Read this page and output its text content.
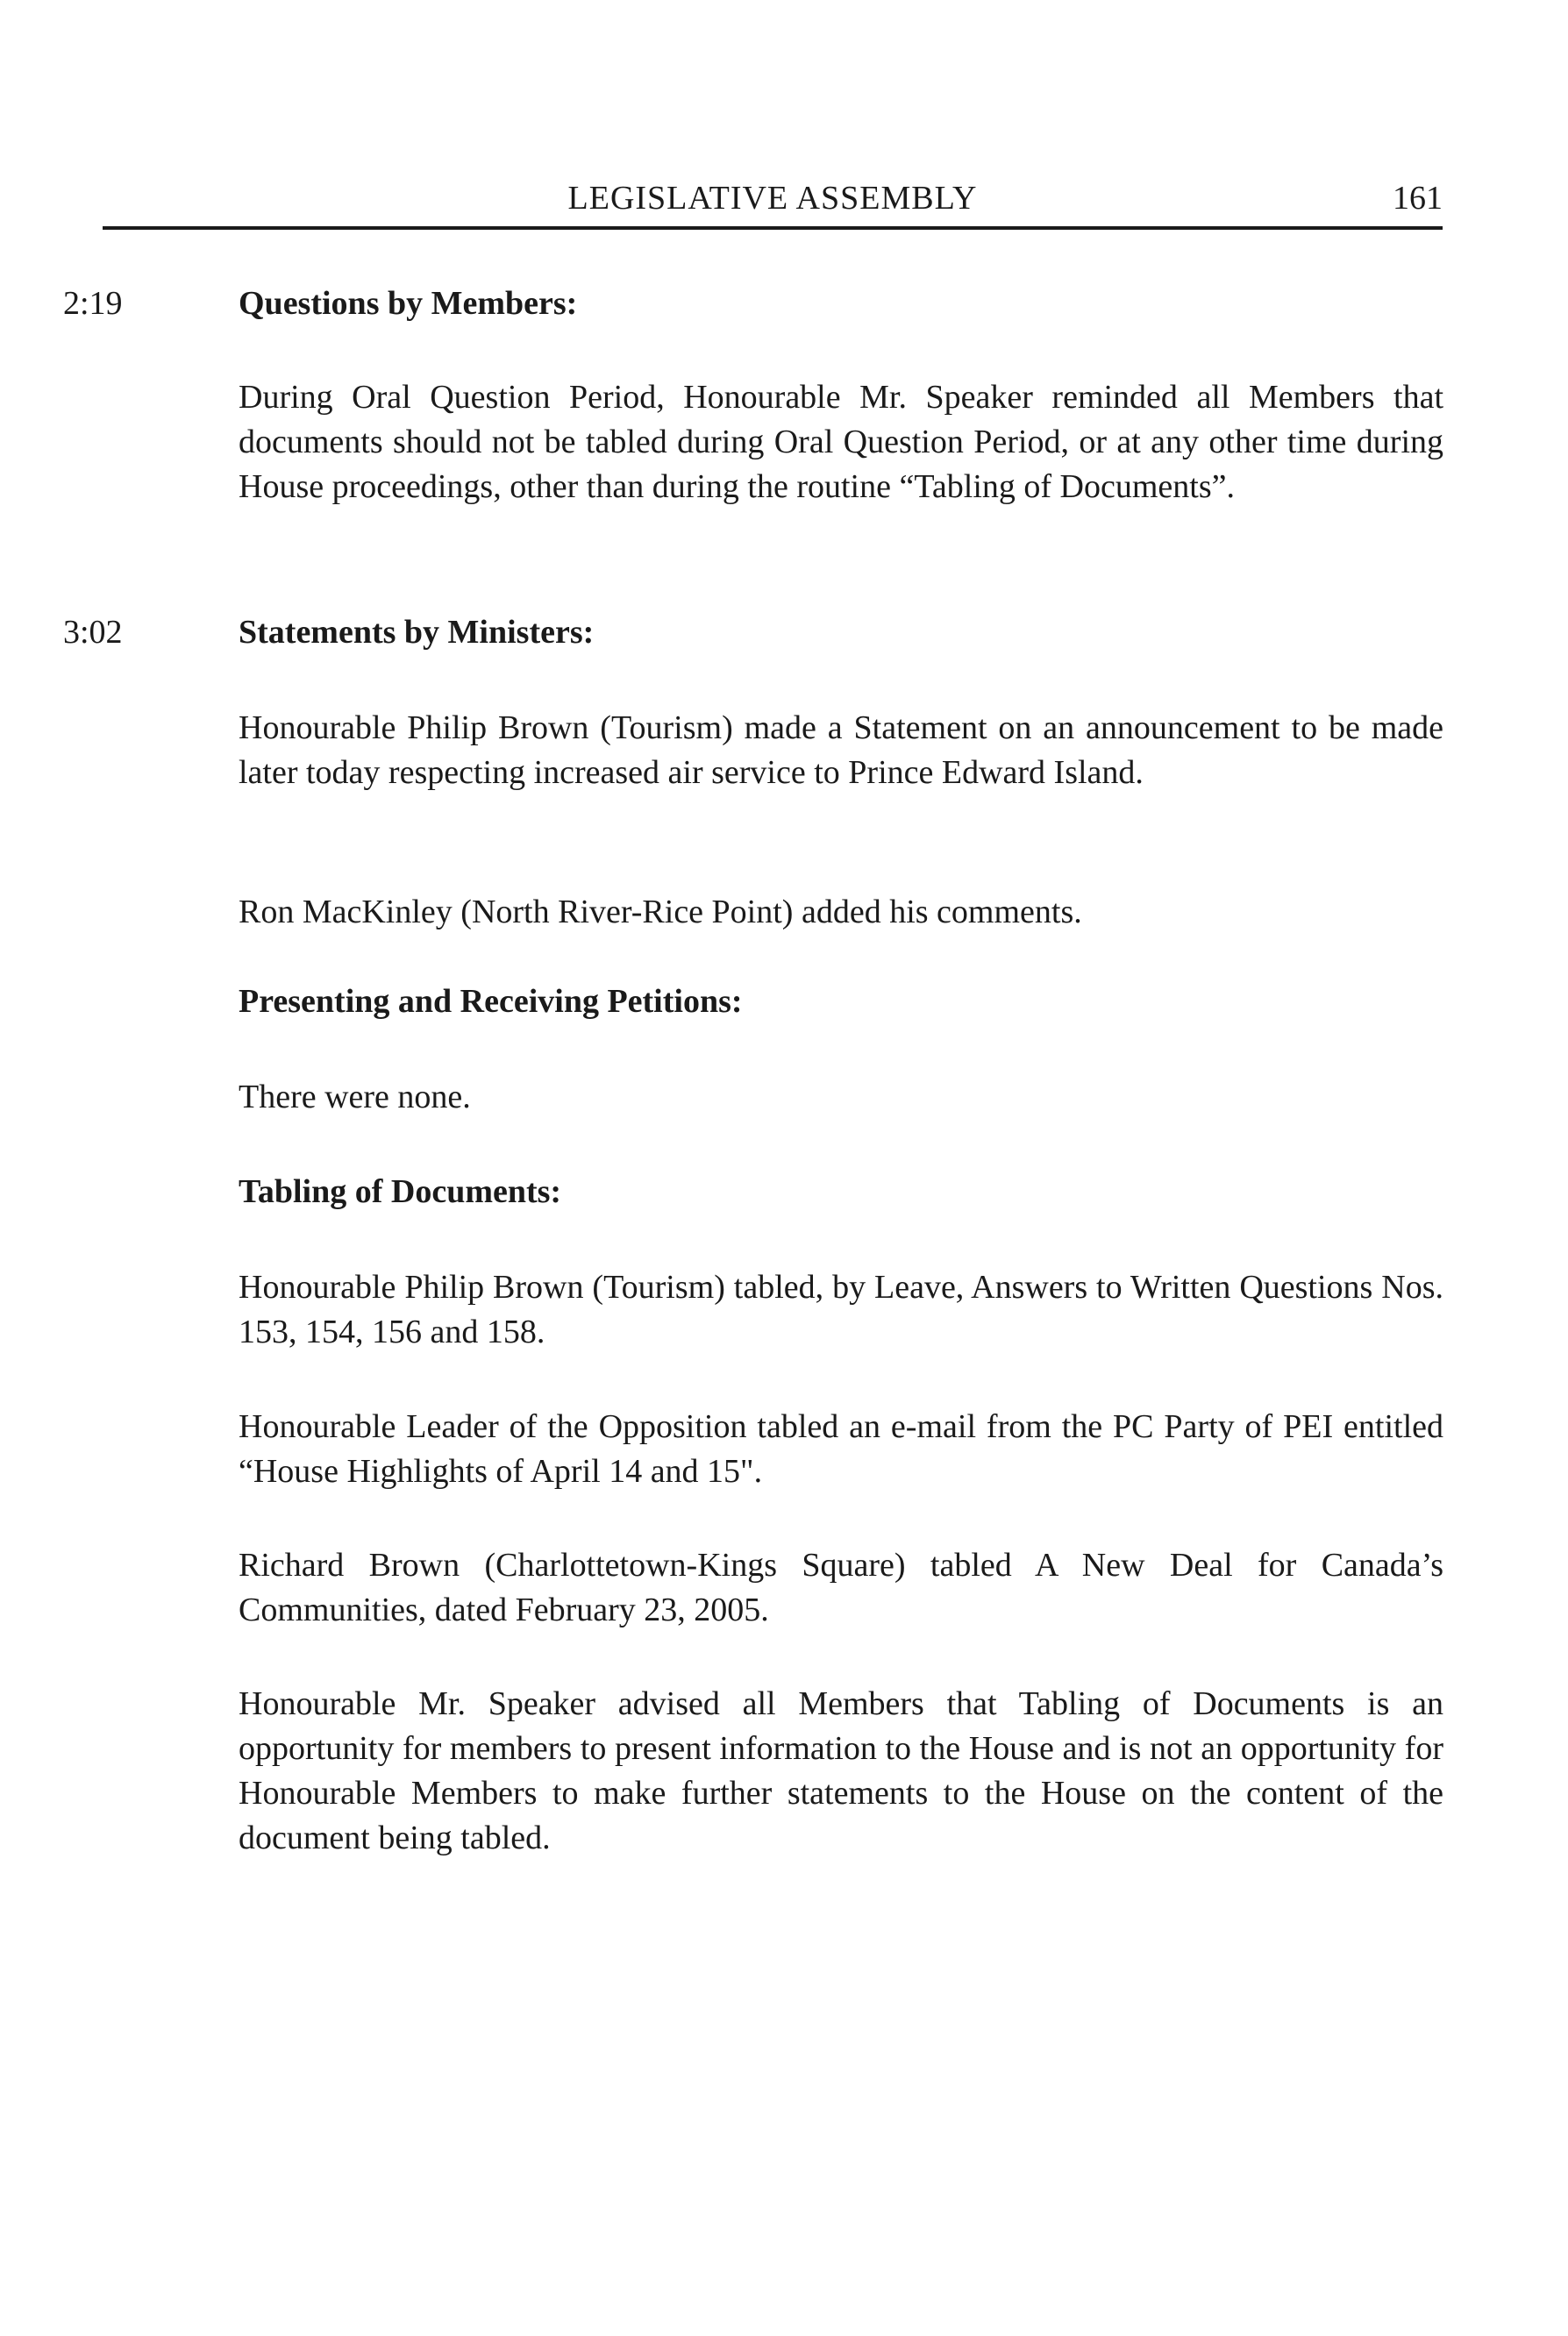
LEGISLATIVE ASSEMBLY	161
2:19	Questions by Members:

During Oral Question Period, Honourable Mr. Speaker reminded all Members that documents should not be tabled during Oral Question Period, or at any other time during House proceedings, other than during the routine “Tabling of Documents”.

3:02	Statements by Ministers:

Honourable Philip Brown (Tourism) made a Statement on an announcement to be made later today respecting increased air service to Prince Edward Island.

Ron MacKinley (North River-Rice Point) added his comments.

Presenting and Receiving Petitions:

There were none.

Tabling of Documents:

Honourable Philip Brown (Tourism) tabled, by Leave, Answers to Written Questions Nos. 153, 154, 156 and 158.

Honourable Leader of the Opposition tabled an e-mail from the PC Party of PEI entitled “House Highlights of April 14 and 15".

Richard Brown (Charlottetown-Kings Square) tabled A New Deal for Canada’s Communities, dated February 23, 2005.

Honourable Mr. Speaker advised all Members that Tabling of Documents is an opportunity for members to present information to the House and is not an opportunity for Honourable Members to make further statements to the House on the content of the document being tabled.
